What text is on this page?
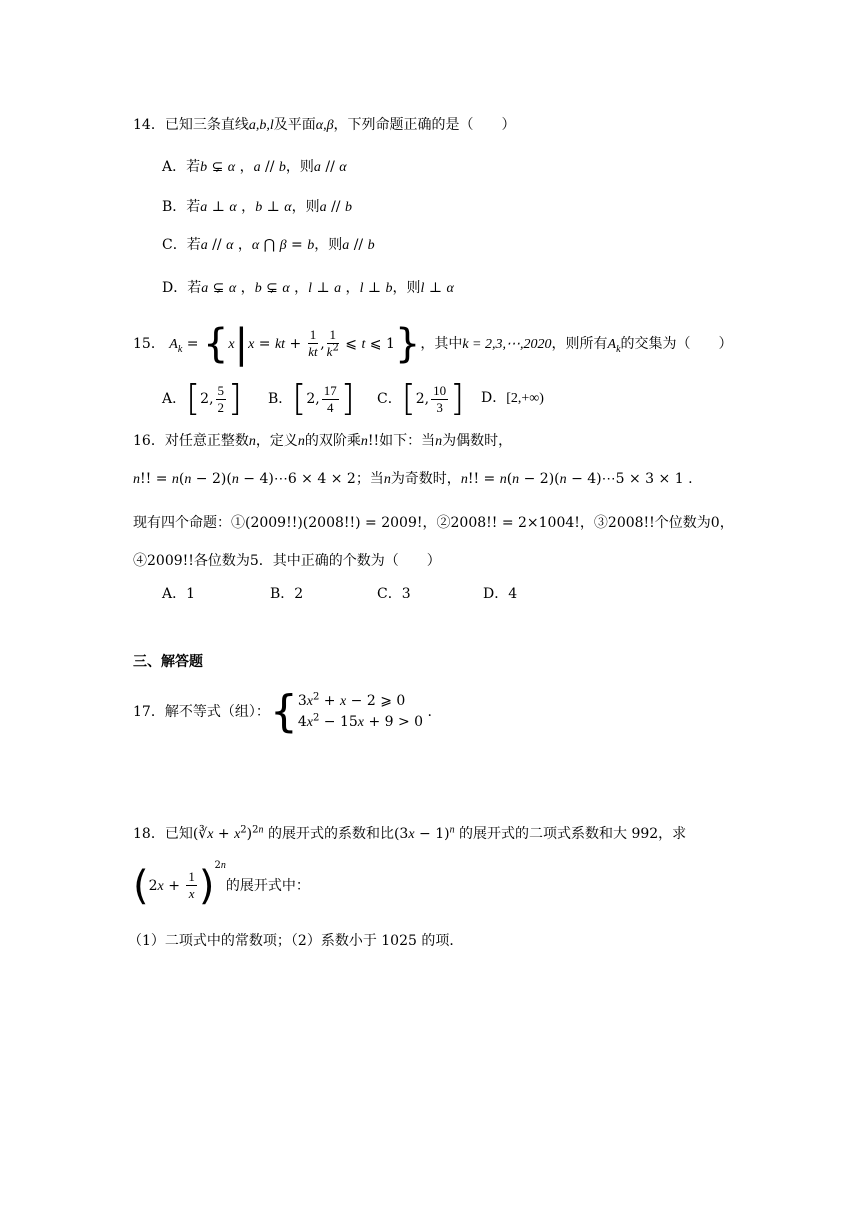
14．已知三条直线a,b,l及平面α,β，下列命题正确的是（　　）
A．若b ⊊ α ，a // b，则a // α
B．若a ⊥ α ，b ⊥ α，则a // b
C．若a // α ，α ⋂ β = b，则a // b
D．若a ⊊ α ，b ⊊ α ，l ⊥ a ，l ⊥ b，则l ⊥ α
15． $A_k = \{x|x$ = kt + $\frac{1}{kt}$ , $\frac{1}{k^2}$ ⩽ t ⩽ 1}，其中k = 2,3,⋯,2020，则所有$A_k$的交集为（　　）
A．[2, $\frac{5}{2}$ ] B．[2, $\frac{17}{4}$ ] C．[2, $\frac{10}{3}$ ] D．[2,+∞)
16．对任意正整数n，定义n的双阶乘n!!如下：当n为偶数时，
n!! = n(n − 2)(n − 4)⋯6 × 4 × 2；当n为奇数时，n!! = n(n − 2)(n − 4)⋯5 × 3 × 1 .
现有四个命题：①(2009!!)(2008!!) = 2009!，②2008!! = 2×1004!，③2008!!个位数为0，
④2009!!各位数为5．其中正确的个数为（　　）
A．1	B．2	C．3	D．4
三、解答题
17．解不等式（组）：{ $3x^2 + x - 2$ ⩾ 0
$4x^2 - 15x + 9 > 0$
.
18．已知(∛x + $x^2)^{2n}$ 的展开式的系数和比$(3x - 1)^n$ 的展开式的二项式系数和大 992，求
$(2x + \frac{1}{x} )^{2n}$的展开式中：
（1）二项式中的常数项；（2）系数小于 1025 的项．
